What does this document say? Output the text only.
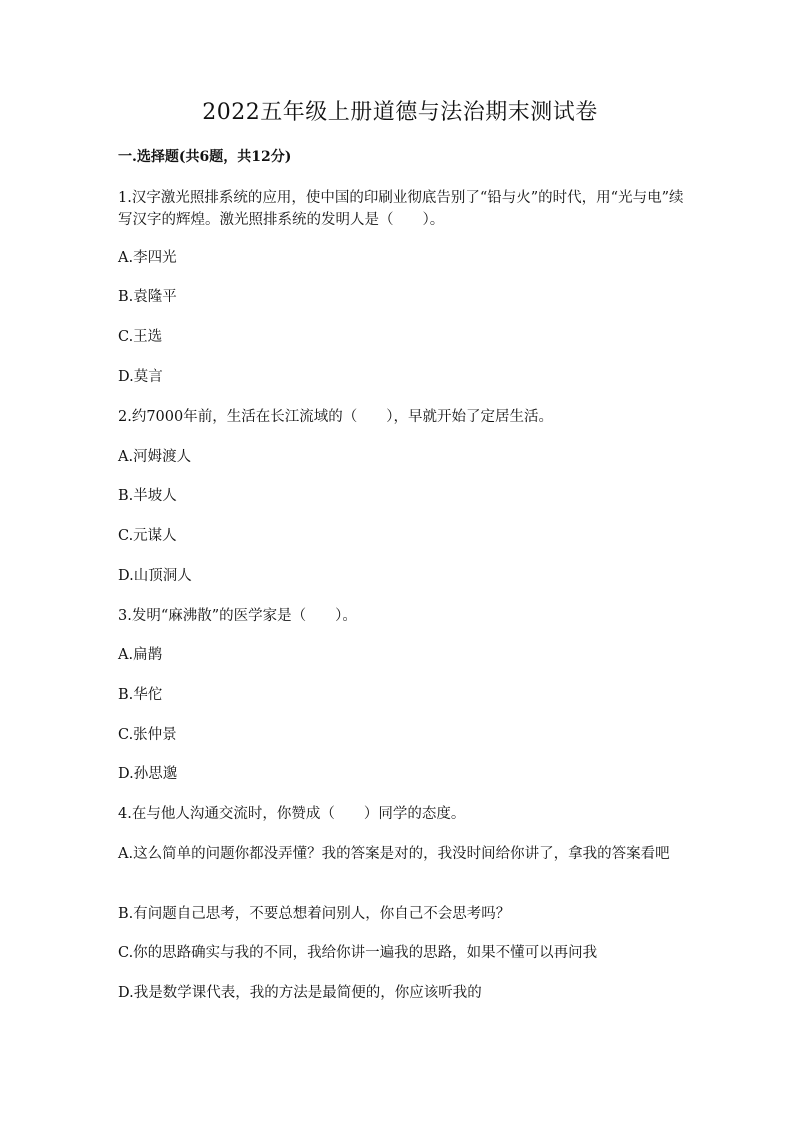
2022五年级上册道德与法治期末测试卷
一.选择题(共6题，共12分)
1.汉字激光照排系统的应用，使中国的印刷业彻底告别了“铅与火”的时代，用“光与电”续写汉字的辉煌。激光照排系统的发明人是（　　）。
A.李四光
B.袁隆平
C.王选
D.莫言
2.约7000年前，生活在长江流域的（　　），早就开始了定居生活。
A.河姆渡人
B.半坡人
C.元谋人
D.山顶洞人
3.发明“麻沸散”的医学家是（　　）。
A.扁鹊
B.华佗
C.张仲景
D.孙思邈
4.在与他人沟通交流时，你赞成（　　）同学的态度。
A.这么简单的问题你都没弄懂？我的答案是对的，我没时间给你讲了，拿我的答案看吧
B.有问题自己思考，不要总想着问别人，你自己不会思考吗？
C.你的思路确实与我的不同，我给你讲一遍我的思路，如果不懂可以再问我
D.我是数学课代表，我的方法是最简便的，你应该听我的
